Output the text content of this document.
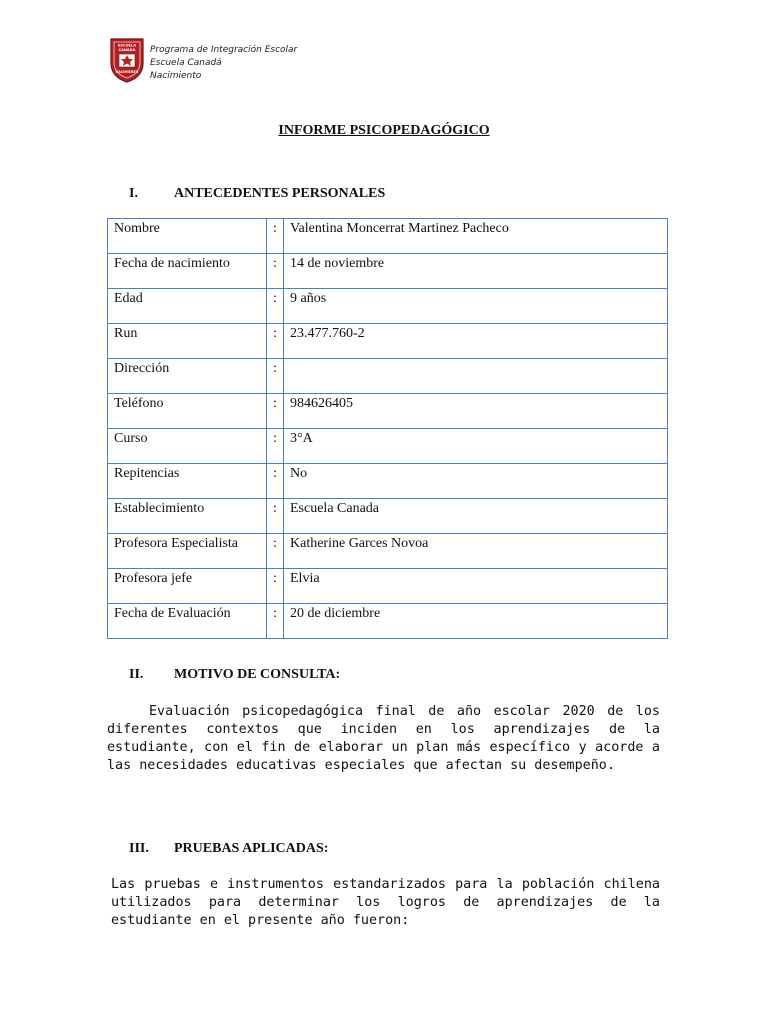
ESCUELA
CANADA
NACIMIENTO
Programa de Integración Escolar
Escuela Canadá
Nacimiento
INFORME PSICOPEDAGÓGICO
I.	ANTECEDENTES PERSONALES
Nombre	:	Valentina Moncerrat Martinez Pacheco
Fecha de nacimiento	:	14 de noviembre
Edad	:	9 años
Run	:	23.477.760-2
Dirección	:	
Teléfono	:	984626405
Curso	:	3°A
Repitencias	:	No
Establecimiento	:	Escuela Canada
Profesora Especialista	:	Katherine Garces Novoa
Profesora jefe	:	Elvia
Fecha de Evaluación	:	20 de diciembre
II. MOTIVO DE CONSULTA:

Evaluación psicopedagógica final de año escolar 2020 de los diferentes contextos que inciden en los aprendizajes de la estudiante, con el fin de elaborar un plan más específico y acorde a las necesidades educativas especiales que afectan su desempeño.

III. PRUEBAS APLICADAS:

Las pruebas e instrumentos estandarizados para la población chilena utilizados para determinar los logros de aprendizajes de la estudiante en el presente año fueron:
